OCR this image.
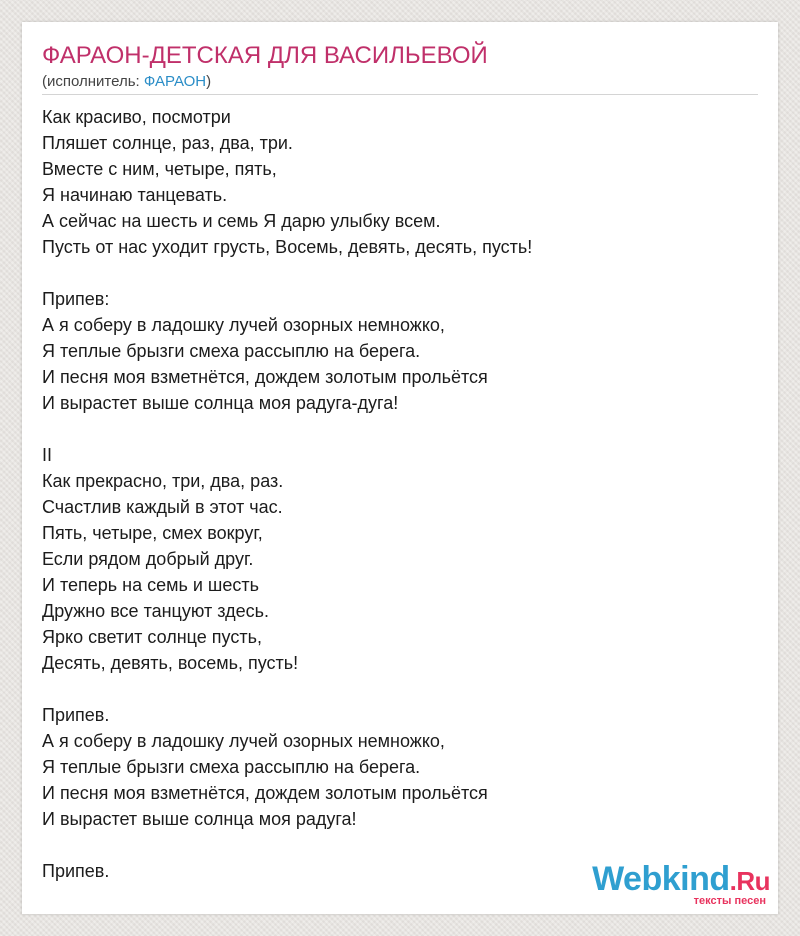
ФАРАОН-ДЕТСКАЯ ДЛЯ ВАСИЛЬЕВОЙ
(исполнитель: ФАРАОН)
Как красиво, посмотри
Пляшет солнце, раз, два, три.
Вместе с ним, четыре, пять,
Я начинаю танцевать.
А сейчас на шесть и семь Я дарю улыбку всем.
Пусть от нас уходит грусть, Восемь, девять, десять, пусть!
Припев:
А я соберу в ладошку лучей озорных немножко,
Я теплые брызги смеха рассыплю на берега.
И песня моя взметнётся, дождем золотым прольётся
И вырастет выше солнца моя радуга-дуга!
II
Как прекрасно, три, два, раз.
Счастлив каждый в этот час.
Пять, четыре, смех вокруг,
Если рядом добрый друг.
И теперь на семь и шесть
Дружно все танцуют здесь.
Ярко светит солнце пусть,
Десять, девять, восемь, пусть!
Припев.
А я соберу в ладошку лучей озорных немножко,
Я теплые брызги смеха рассыплю на берега.
И песня моя взметнётся, дождем золотым прольётся
И вырастет выше солнца моя радуга!
Припев.	Webkind.Ru
тексты песен
